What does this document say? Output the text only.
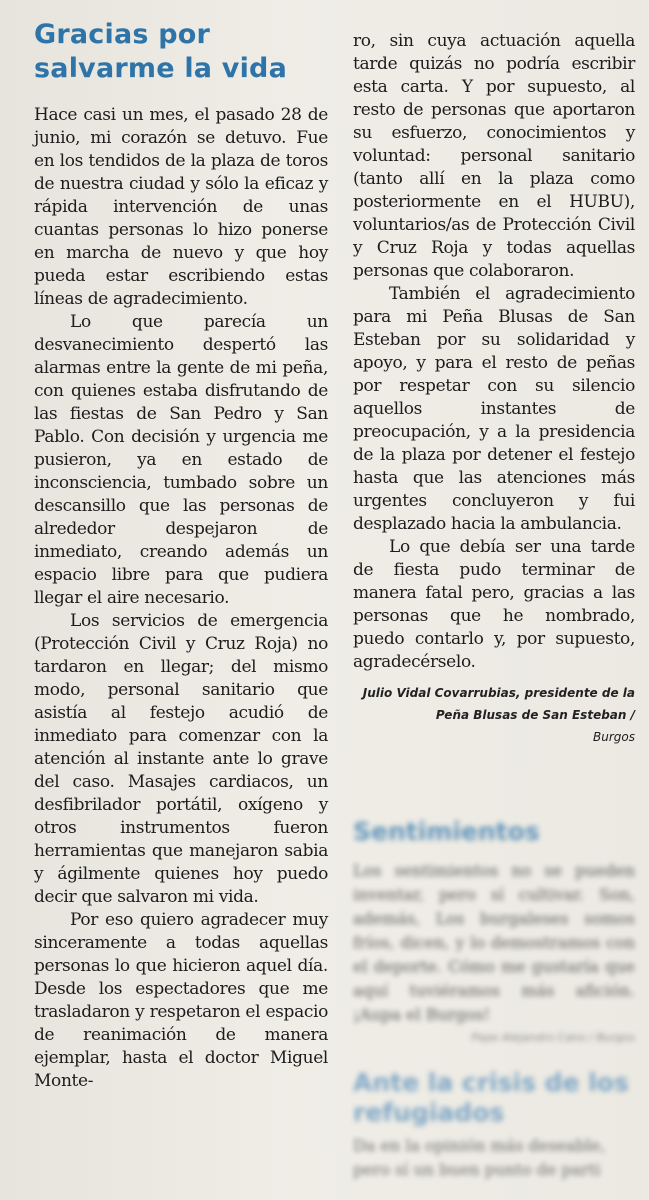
Gracias por salvarme la vida

Hace casi un mes, el pasado 28 de junio, mi corazón se detuvo. Fue en los tendidos de la plaza de toros de nuestra ciudad y sólo la eficaz y rápida intervención de unas cuantas personas lo hizo ponerse en marcha de nuevo y que hoy pueda estar escribiendo estas líneas de agradecimiento.

Lo que parecía un desvanecimiento despertó las alarmas entre la gente de mi peña, con quienes estaba disfrutando de las fiestas de San Pedro y San Pablo. Con decisión y urgencia me pusieron, ya en estado de inconsciencia, tumbado sobre un descansillo que las personas de alrededor despejaron de inmediato, creando además un espacio libre para que pudiera llegar el aire necesario.

Los servicios de emergencia (Protección Civil y Cruz Roja) no tardaron en llegar; del mismo modo, personal sanitario que asistía al festejo acudió de inmediato para comenzar con la atención al instante ante lo grave del caso. Masajes cardiacos, un desfibrilador portátil, oxígeno y otros instrumentos fueron herramientas que manejaron sabia y ágilmente quienes hoy puedo decir que salvaron mi vida.

Por eso quiero agradecer muy sinceramente a todas aquellas personas lo que hicieron aquel día. Desde los espectadores que me trasladaron y respetaron el espacio de reanimación de manera ejemplar, hasta el doctor Miguel Monte-

ro, sin cuya actuación aquella tarde quizás no podría escribir esta carta. Y por supuesto, al resto de personas que aportaron su esfuerzo, conocimientos y voluntad: personal sanitario (tanto allí en la plaza como posteriormente en el HUBU), voluntarios/as de Protección Civil y Cruz Roja y todas aquellas personas que colaboraron.

También el agradecimiento para mi Peña Blusas de San Esteban por su solidaridad y apoyo, y para el resto de peñas por respetar con su silencio aquellos instantes de preocupación, y a la presidencia de la plaza por detener el festejo hasta que las atenciones más urgentes concluyeron y fui desplazado hacia la ambulancia.

Lo que debía ser una tarde de fiesta pudo terminar de manera fatal pero, gracias a las personas que he nombrado, puedo contarlo y, por supuesto, agradecérselo.

Julio Vidal Covarrubias, presidente de la Peña Blusas de San Esteban /

Burgos

Sentimientos

Los sentimientos no se pueden inventar, pero sí cultivar. Son, además, Los burgaleses somos fríos, dicen, y lo demostramos con el deporte. Cómo me gustaría que aquí tuviéramos más afición. ¡Aupa el Burgos!

Pepe Alejandro Cano / Burgos

Ante la crisis de los refugiados

Da en la opinión más deseable, pero sí un buen punto de parti
